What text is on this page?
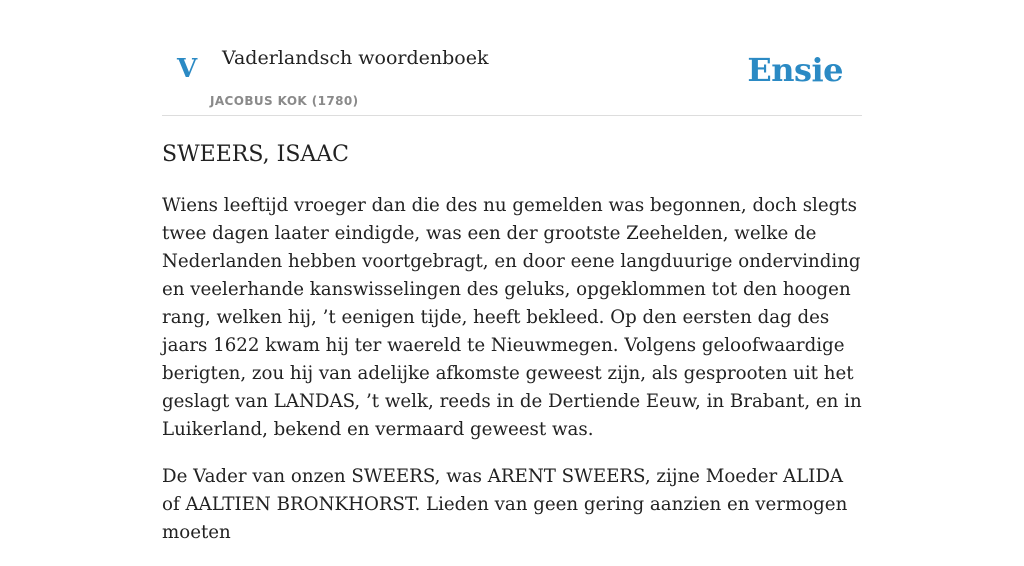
V Vaderlandsch woordenboek
JACOBUS KOK (1780)
Ensie
SWEERS, ISAAC

Wiens leeftijd vroeger dan die des nu gemelden was begonnen, doch slegts twee dagen laater eindigde, was een der grootste Zeehelden, welke de Nederlanden hebben voortgebragt, en door eene langduurige ondervinding en veelerhande kanswisselingen des geluks, opgeklommen tot den hoogen rang, welken hij, ’t eenigen tijde, heeft bekleed. Op den eersten dag des jaars 1622 kwam hij ter waereld te Nieuwmegen. Volgens geloofwaardige berigten, zou hij van adelijke afkomste geweest zijn, als gesprooten uit het geslagt van LANDAS, ’t welk, reeds in de Dertiende Eeuw, in Brabant, en in Luikerland, bekend en vermaard geweest was.

De Vader van onzen SWEERS, was ARENT SWEERS, zijne Moeder ALIDA of AALTIEN BRONKHORST. Lieden van geen gering aanzien en vermogen moeten
